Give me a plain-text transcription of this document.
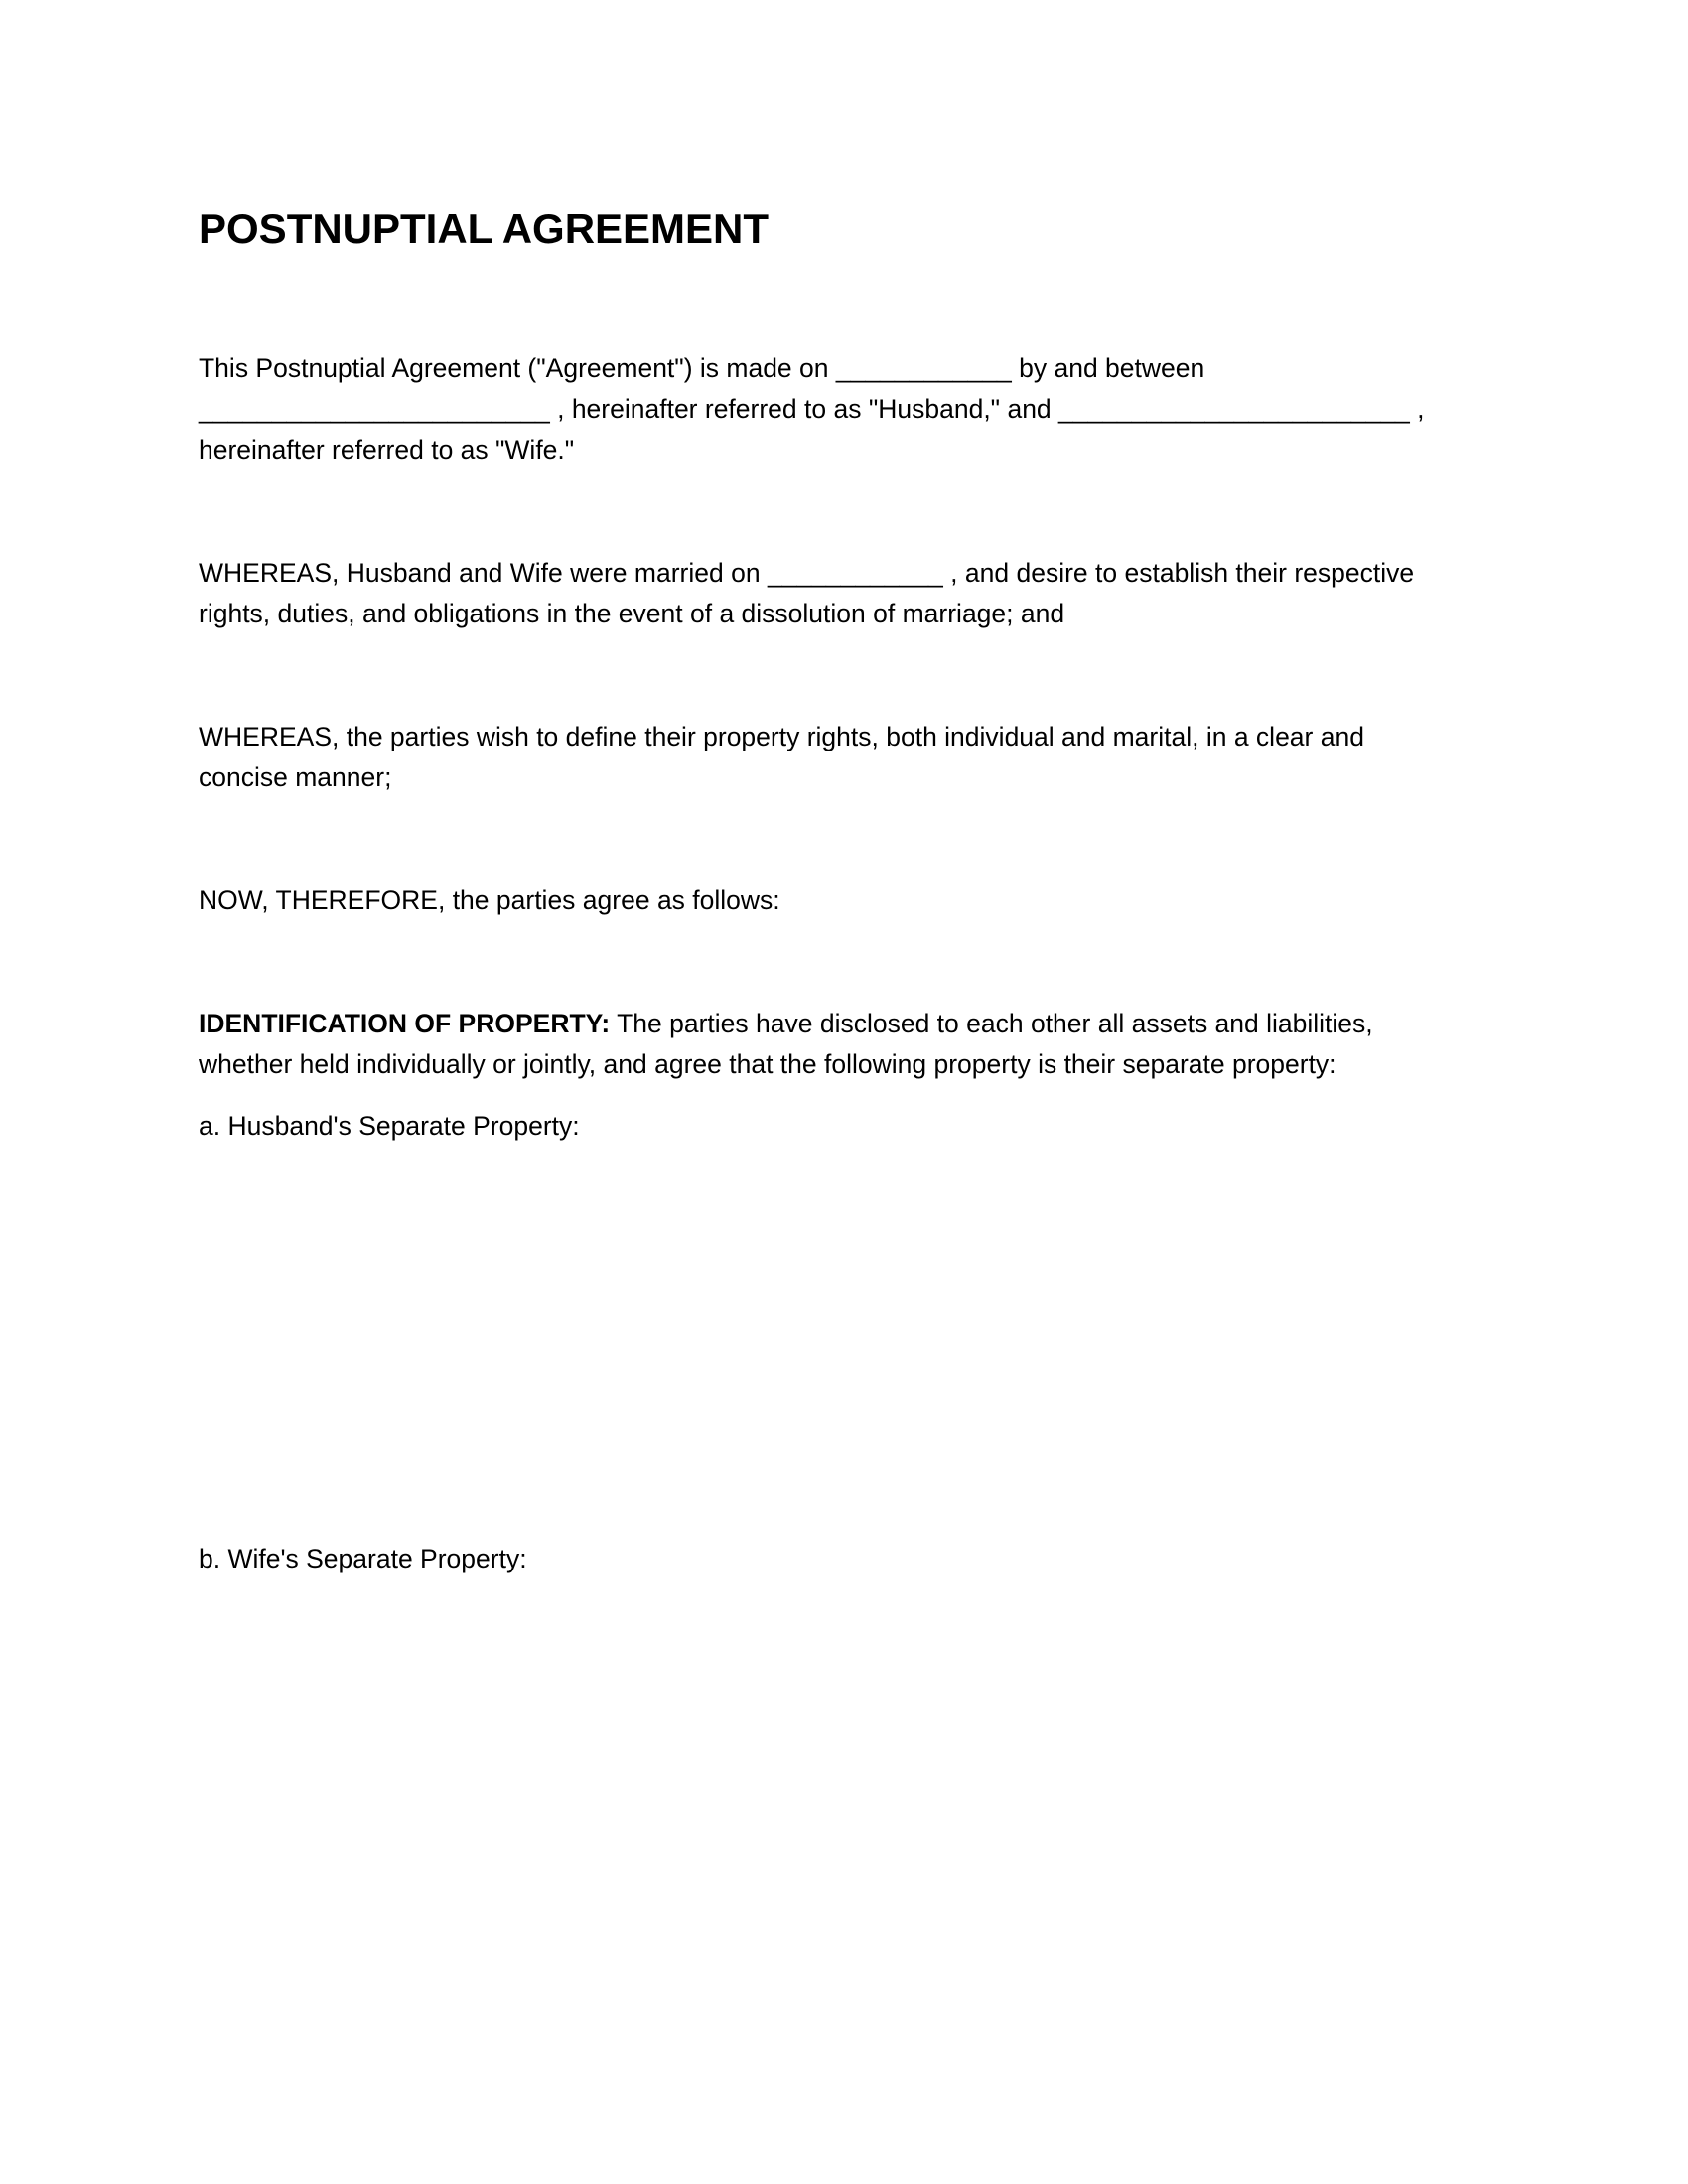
POSTNUPTIAL AGREEMENT

This Postnuptial Agreement ("Agreement") is made on ____________ by and between
________________________ , hereinafter referred to as "Husband," and ________________________ ,
hereinafter referred to as "Wife."

WHEREAS, Husband and Wife were married on ____________ , and desire to establish their respective
rights, duties, and obligations in the event of a dissolution of marriage; and

WHEREAS, the parties wish to define their property rights, both individual and marital, in a clear and
concise manner;

NOW, THEREFORE, the parties agree as follows:

IDENTIFICATION OF PROPERTY: The parties have disclosed to each other all assets and liabilities,
whether held individually or jointly, and agree that the following property is their separate property:

a. Husband's Separate Property:

b. Wife's Separate Property:
